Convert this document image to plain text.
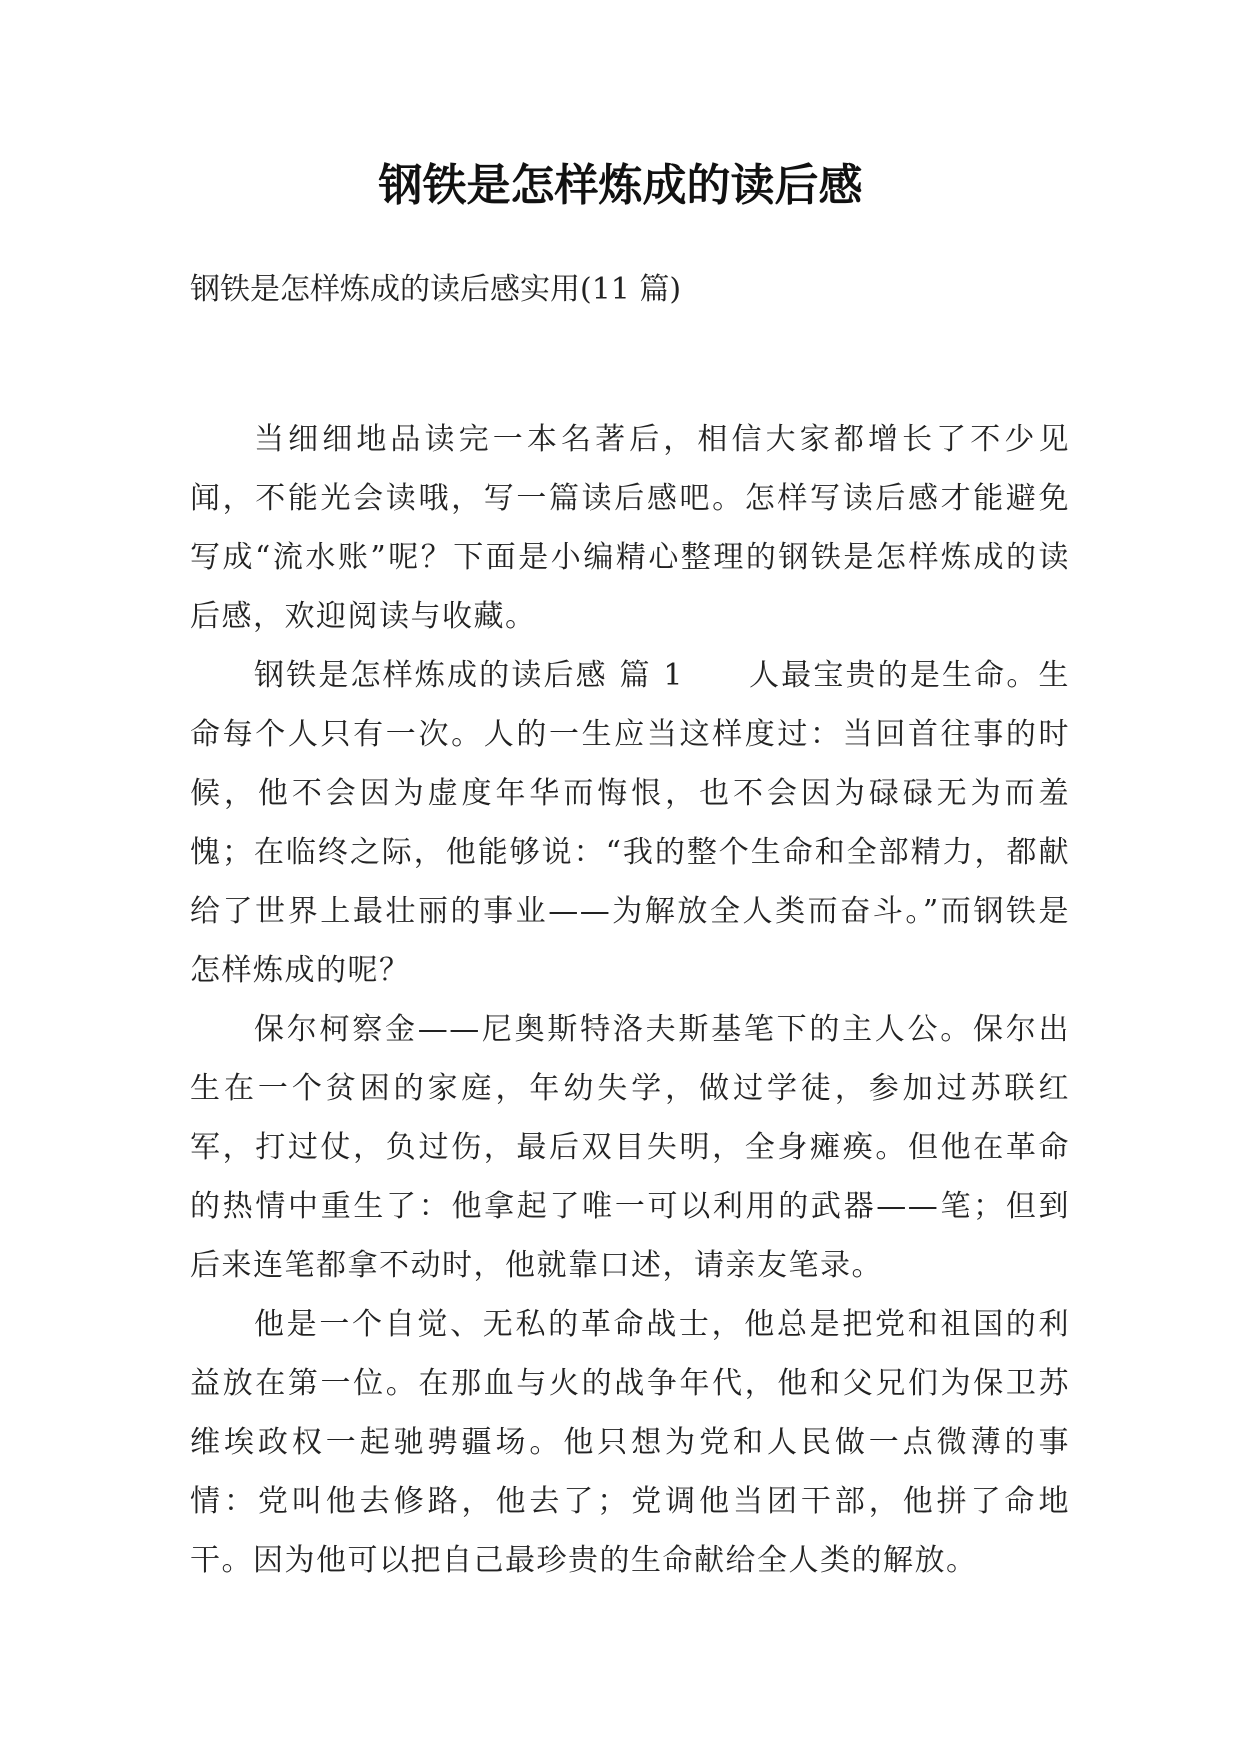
钢铁是怎样炼成的读后感

钢铁是怎样炼成的读后感实用(11 篇)

当细细地品读完一本名著后，相信大家都增长了不少见闻，不能光会读哦，写一篇读后感吧。怎样写读后感才能避免写成“流水账”呢？下面是小编精心整理的钢铁是怎样炼成的读后感，欢迎阅读与收藏。

钢铁是怎样炼成的读后感 篇 1　　人最宝贵的是生命。生命每个人只有一次。人的一生应当这样度过：当回首往事的时候，他不会因为虚度年华而悔恨，也不会因为碌碌无为而羞愧；在临终之际，他能够说：“我的整个生命和全部精力，都献给了世界上最壮丽的事业——为解放全人类而奋斗。”而钢铁是怎样炼成的呢？

保尔柯察金——尼奥斯特洛夫斯基笔下的主人公。保尔出生在一个贫困的家庭，年幼失学，做过学徒，参加过苏联红军，打过仗，负过伤，最后双目失明，全身瘫痪。但他在革命的热情中重生了：他拿起了唯一可以利用的武器——笔；但到后来连笔都拿不动时，他就靠口述，请亲友笔录。

他是一个自觉、无私的革命战士，他总是把党和祖国的利益放在第一位。在那血与火的战争年代，他和父兄们为保卫苏维埃政权一起驰骋疆场。他只想为党和人民做一点微薄的事情：党叫他去修路，他去了；党调他当团干部，他拼了命地干。因为他可以把自己最珍贵的生命献给全人类的解放。
